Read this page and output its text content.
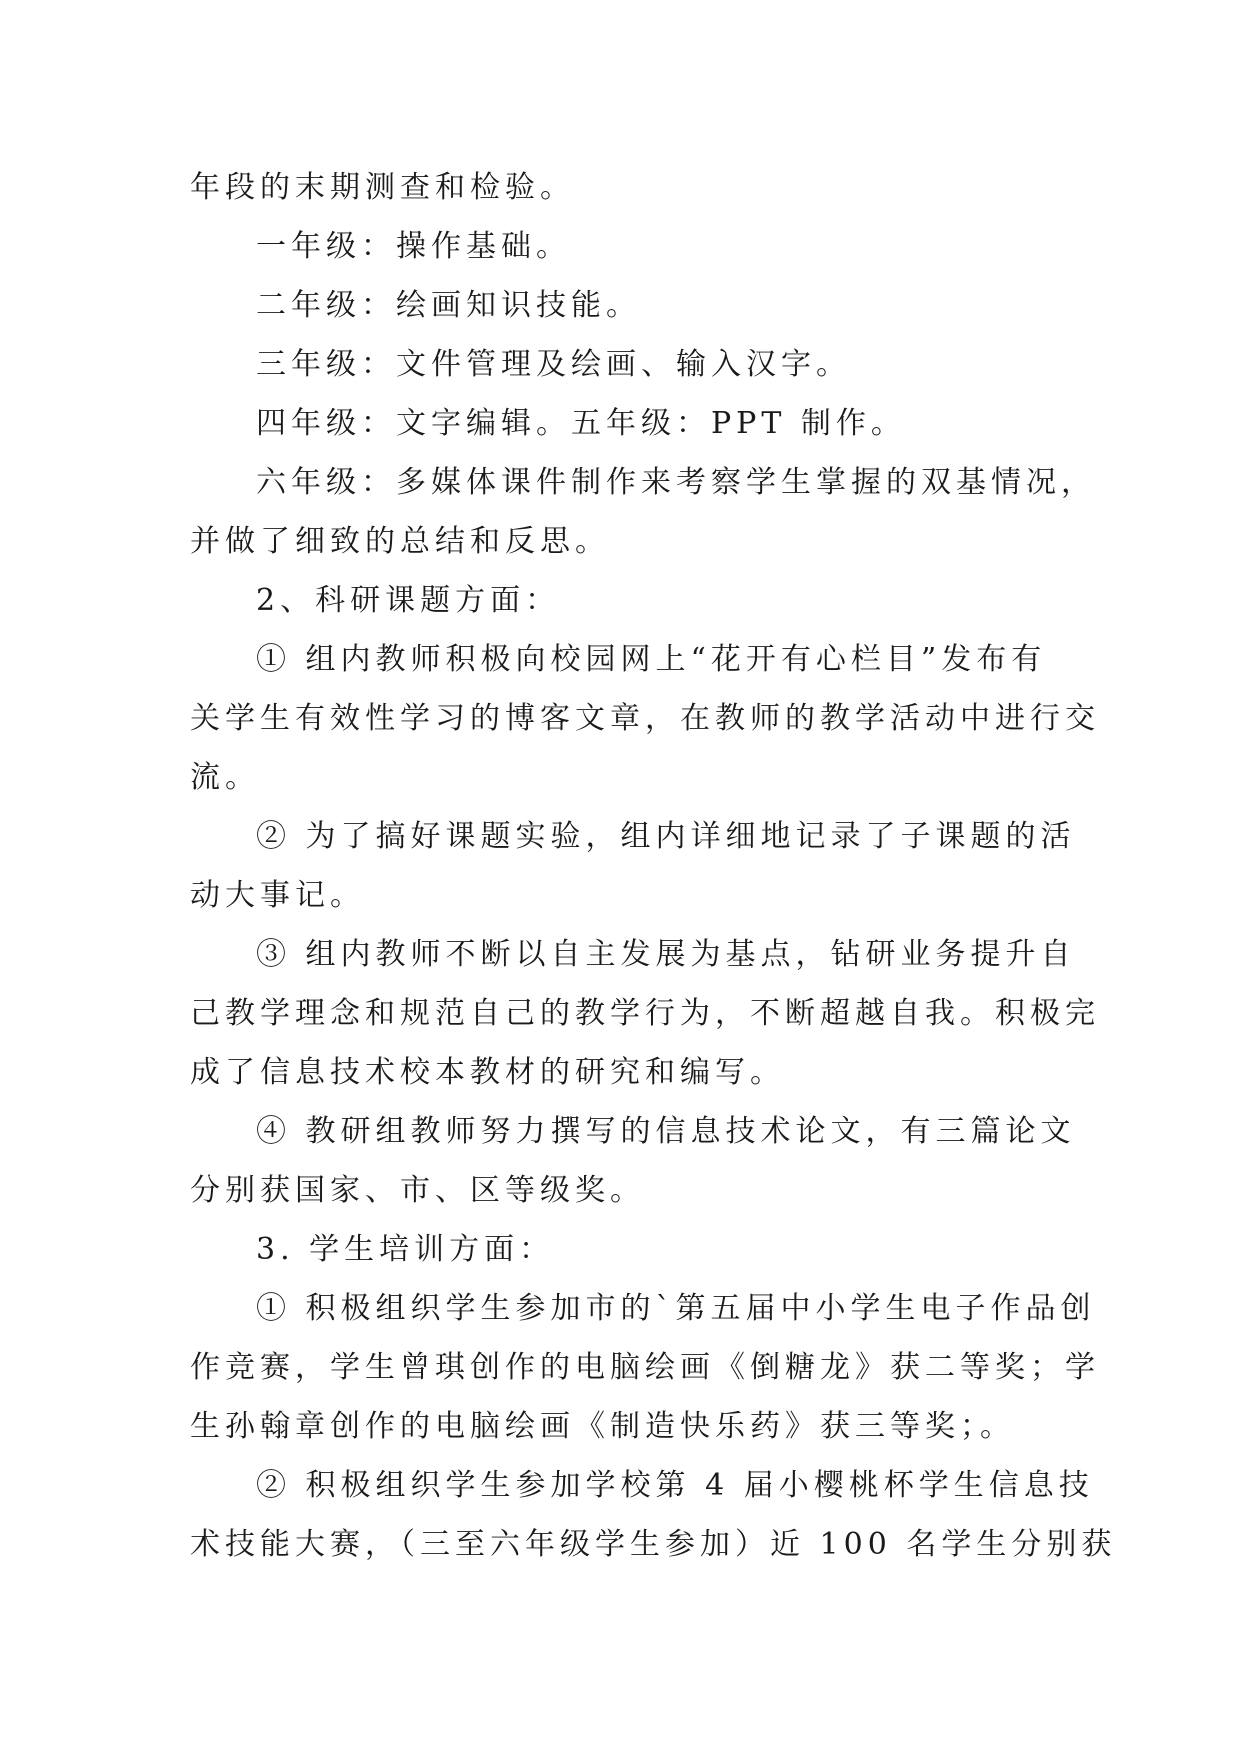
年段的末期测查和检验。
一年级：操作基础。
二年级：绘画知识技能。
三年级：文件管理及绘画、输入汉字。
四年级：文字编辑。五年级：PPT 制作。
六年级：多媒体课件制作来考察学生掌握的双基情况，
并做了细致的总结和反思。
2、科研课题方面：
① 组内教师积极向校园网上“花开有心栏目”发布有
关学生有效性学习的博客文章，在教师的教学活动中进行交
流。
② 为了搞好课题实验，组内详细地记录了子课题的活
动大事记。
③ 组内教师不断以自主发展为基点，钻研业务提升自
己教学理念和规范自己的教学行为，不断超越自我。积极完
成了信息技术校本教材的研究和编写。
④ 教研组教师努力撰写的信息技术论文，有三篇论文
分别获国家、市、区等级奖。
3. 学生培训方面：
① 积极组织学生参加市的`第五届中小学生电子作品创
作竞赛，学生曾琪创作的电脑绘画《倒糖龙》获二等奖；学
生孙翰章创作的电脑绘画《制造快乐药》获三等奖；。
② 积极组织学生参加学校第 4 届小樱桃杯学生信息技
术技能大赛，（三至六年级学生参加）近 100 名学生分别获
